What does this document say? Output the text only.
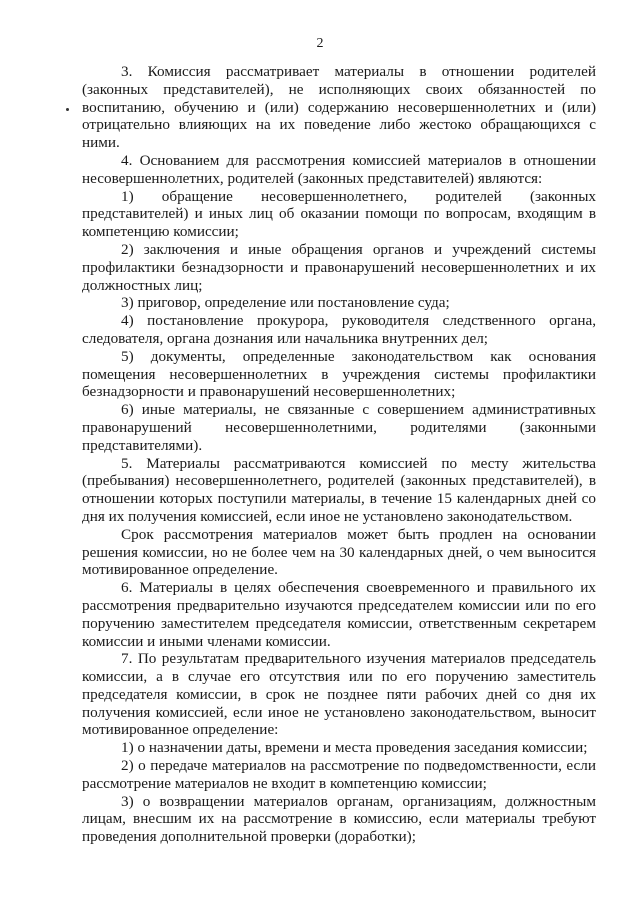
2

3. Комиссия рассматривает материалы в отношении родителей (законных представителей), не исполняющих своих обязанностей по воспитанию, обучению и (или) содержанию несовершеннолетних и (или) отрицательно влияющих на их поведение либо жестоко обращающихся с ними.

4. Основанием для рассмотрения комиссией материалов в отношении несовершеннолетних, родителей (законных представителей) являются:

1) обращение несовершеннолетнего, родителей (законных представителей) и иных лиц об оказании помощи по вопросам, входящим в компетенцию комиссии;

2) заключения и иные обращения органов и учреждений системы профилактики безнадзорности и правонарушений несовершеннолетних и их должностных лиц;

3) приговор, определение или постановление суда;

4) постановление прокурора, руководителя следственного органа, следователя, органа дознания или начальника внутренних дел;

5) документы, определенные законодательством как основания помещения несовершеннолетних в учреждения системы профилактики безнадзорности и правонарушений несовершеннолетних;

6) иные материалы, не связанные с совершением административных правонарушений несовершеннолетними, родителями (законными представителями).

5. Материалы рассматриваются комиссией по месту жительства (пребывания) несовершеннолетнего, родителей (законных представителей), в отношении которых поступили материалы, в течение 15 календарных дней со дня их получения комиссией, если иное не установлено законодательством.

Срок рассмотрения материалов может быть продлен на основании решения комиссии, но не более чем на 30 календарных дней, о чем выносится мотивированное определение.

6. Материалы в целях обеспечения своевременного и правильного их рассмотрения предварительно изучаются председателем комиссии или по его поручению заместителем председателя комиссии, ответственным секретарем комиссии и иными членами комиссии.

7. По результатам предварительного изучения материалов председатель комиссии, а в случае его отсутствия или по его поручению заместитель председателя комиссии, в срок не позднее пяти рабочих дней со дня их получения комиссией, если иное не установлено законодательством, выносит мотивированное определение:

1) о назначении даты, времени и места проведения заседания комиссии;

2) о передаче материалов на рассмотрение по подведомственности, если рассмотрение материалов не входит в компетенцию комиссии;

3) о возвращении материалов органам, организациям, должностным лицам, внесшим их на рассмотрение в комиссию, если материалы требуют проведения дополнительной проверки (доработки);
